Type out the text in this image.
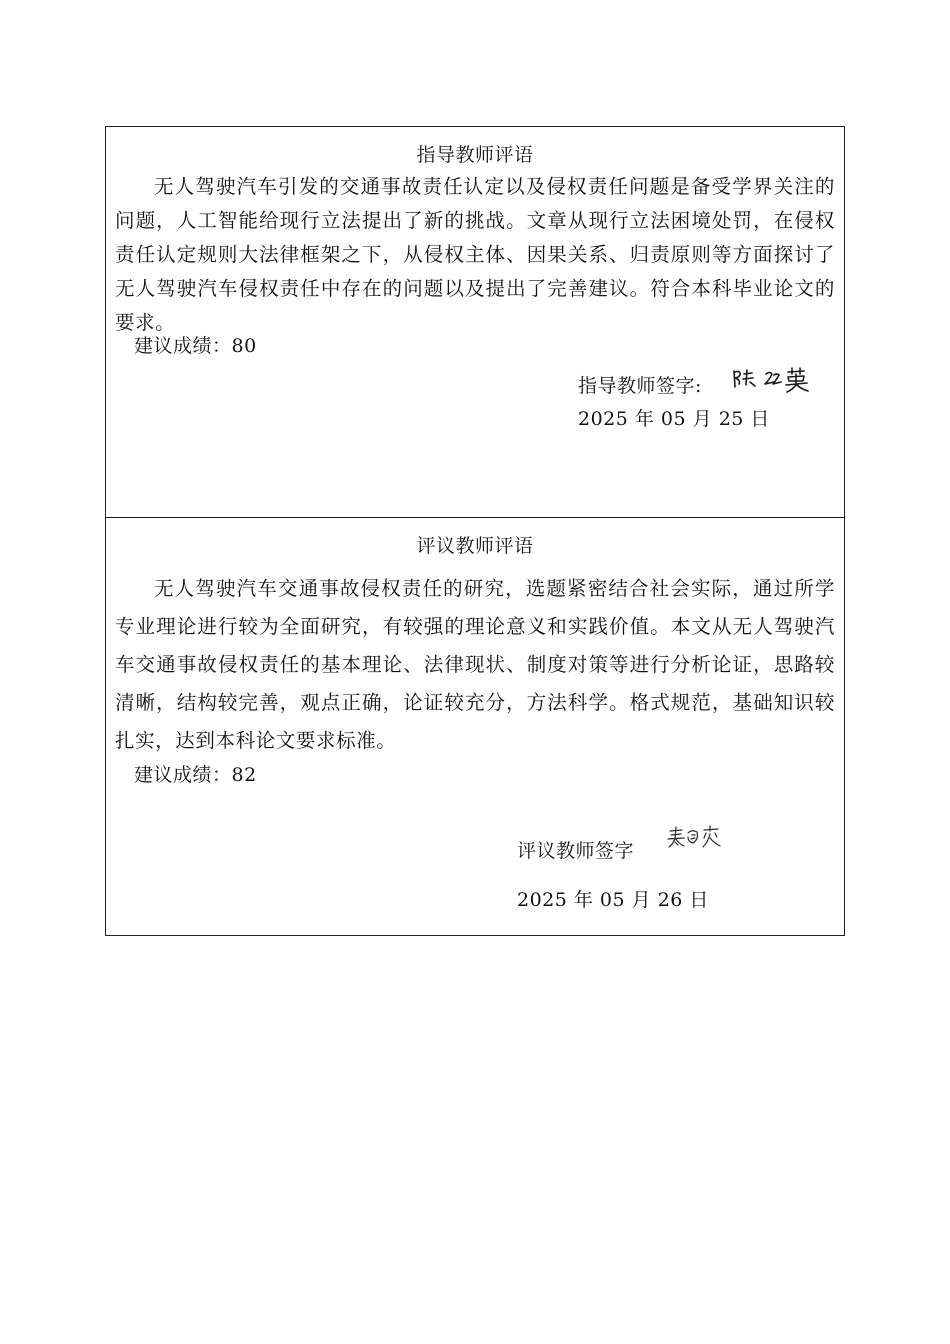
指导教师评语

无人驾驶汽车引发的交通事故责任认定以及侵权责任问题是备受学界关注的问题，人工智能给现行立法提出了新的挑战。文章从现行立法困境处罚，在侵权责任认定规则大法律框架之下，从侵权主体、因果关系、归责原则等方面探讨了无人驾驶汽车侵权责任中存在的问题以及提出了完善建议。符合本科毕业论文的要求。

建议成绩：80
指导教师签字:
2025 年 05 月 25 日
评议教师评语

无人驾驶汽车交通事故侵权责任的研究，选题紧密结合社会实际，通过所学专业理论进行较为全面研究，有较强的理论意义和实践价值。本文从无人驾驶汽车交通事故侵权责任的基本理论、法律现状、制度对策等进行分析论证，思路较清晰，结构较完善，观点正确，论证较充分，方法科学。格式规范，基础知识较扎实，达到本科论文要求标准。

建议成绩：82
评议教师签字
2025 年 05 月 26 日
